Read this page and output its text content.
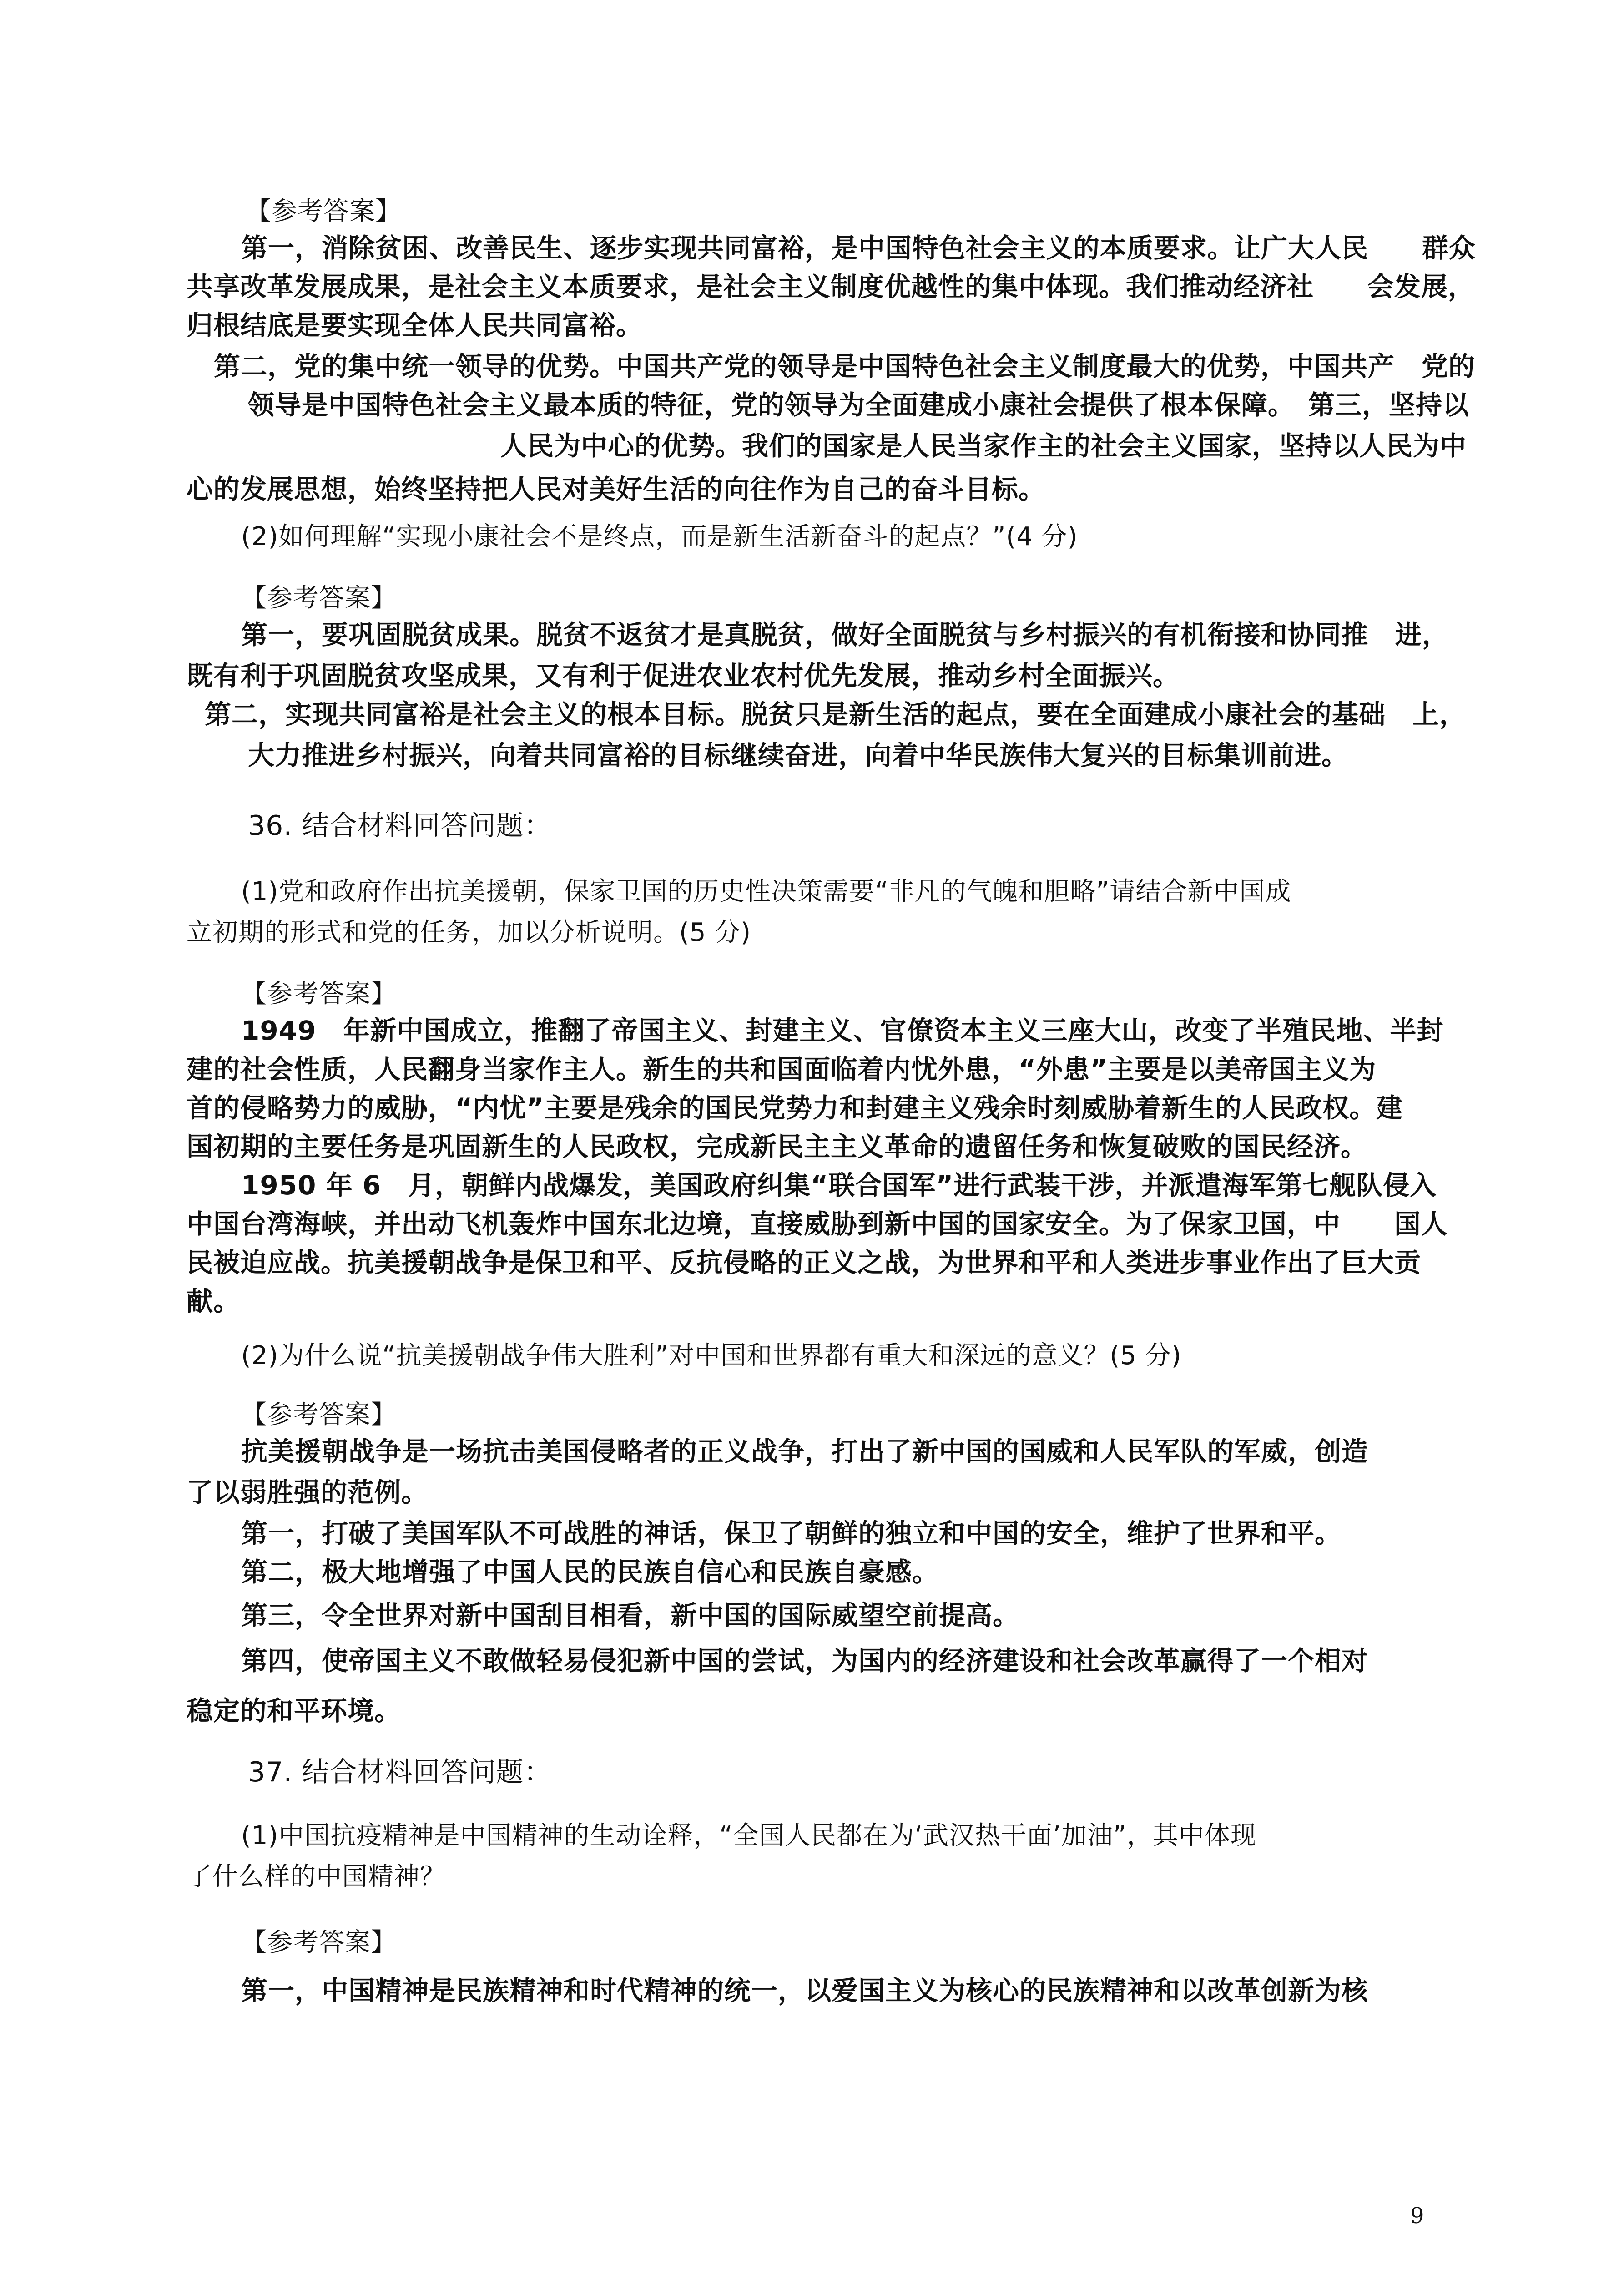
【参考答案】
第一，消除贫困、改善民生、逐步实现共同富裕，是中国特色社会主义的本质要求。让广大人民　　群众
共享改革发展成果，是社会主义本质要求，是社会主义制度优越性的集中体现。我们推动经济社　　会发展，
归根结底是要实现全体人民共同富裕。
第二，党的集中统一领导的优势。中国共产党的领导是中国特色社会主义制度最大的优势，中国共产　党的
领导是中国特色社会主义最本质的特征，党的领导为全面建成小康社会提供了根本保障。　第三，坚持以
人民为中心的优势。我们的国家是人民当家作主的社会主义国家，坚持以人民为中
心的发展思想，始终坚持把人民对美好生活的向往作为自己的奋斗目标。
(2)如何理解“实现小康社会不是终点，而是新生活新奋斗的起点？”(4 分)
【参考答案】
第一，要巩固脱贫成果。脱贫不返贫才是真脱贫，做好全面脱贫与乡村振兴的有机衔接和协同推　进，
既有利于巩固脱贫攻坚成果，又有利于促进农业农村优先发展，推动乡村全面振兴。
第二，实现共同富裕是社会主义的根本目标。脱贫只是新生活的起点，要在全面建成小康社会的基础　上，
大力推进乡村振兴，向着共同富裕的目标继续奋进，向着中华民族伟大复兴的目标集训前进。
36. 结合材料回答问题：
(1)党和政府作出抗美援朝，保家卫国的历史性决策需要“非凡的气魄和胆略”请结合新中国成
立初期的形式和党的任务，加以分析说明。(5 分)
【参考答案】
1949　年新中国成立，推翻了帝国主义、封建主义、官僚资本主义三座大山，改变了半殖民地、半封
建的社会性质，人民翻身当家作主人。新生的共和国面临着内忧外患，“外患”主要是以美帝国主义为
首的侵略势力的威胁，“内忧”主要是残余的国民党势力和封建主义残余时刻威胁着新生的人民政权。建
国初期的主要任务是巩固新生的人民政权，完成新民主主义革命的遗留任务和恢复破败的国民经济。
1950 年 6　月，朝鲜内战爆发，美国政府纠集“联合国军”进行武装干涉，并派遣海军第七舰队侵入
中国台湾海峡，并出动飞机轰炸中国东北边境，直接威胁到新中国的国家安全。为了保家卫国，中　　国人
民被迫应战。抗美援朝战争是保卫和平、反抗侵略的正义之战，为世界和平和人类进步事业作出了巨大贡
献。
(2)为什么说“抗美援朝战争伟大胜利”对中国和世界都有重大和深远的意义？(5 分)
【参考答案】
抗美援朝战争是一场抗击美国侵略者的正义战争，打出了新中国的国威和人民军队的军威，创造
了以弱胜强的范例。
第一，打破了美国军队不可战胜的神话，保卫了朝鲜的独立和中国的安全，维护了世界和平。
第二，极大地增强了中国人民的民族自信心和民族自豪感。
第三，令全世界对新中国刮目相看，新中国的国际威望空前提高。
第四，使帝国主义不敢做轻易侵犯新中国的尝试，为国内的经济建设和社会改革赢得了一个相对
稳定的和平环境。
37. 结合材料回答问题：
(1)中国抗疫精神是中国精神的生动诠释，“全国人民都在为‘武汉热干面’加油”，其中体现
了什么样的中国精神？
【参考答案】
第一，中国精神是民族精神和时代精神的统一，以爱国主义为核心的民族精神和以改革创新为核
9
